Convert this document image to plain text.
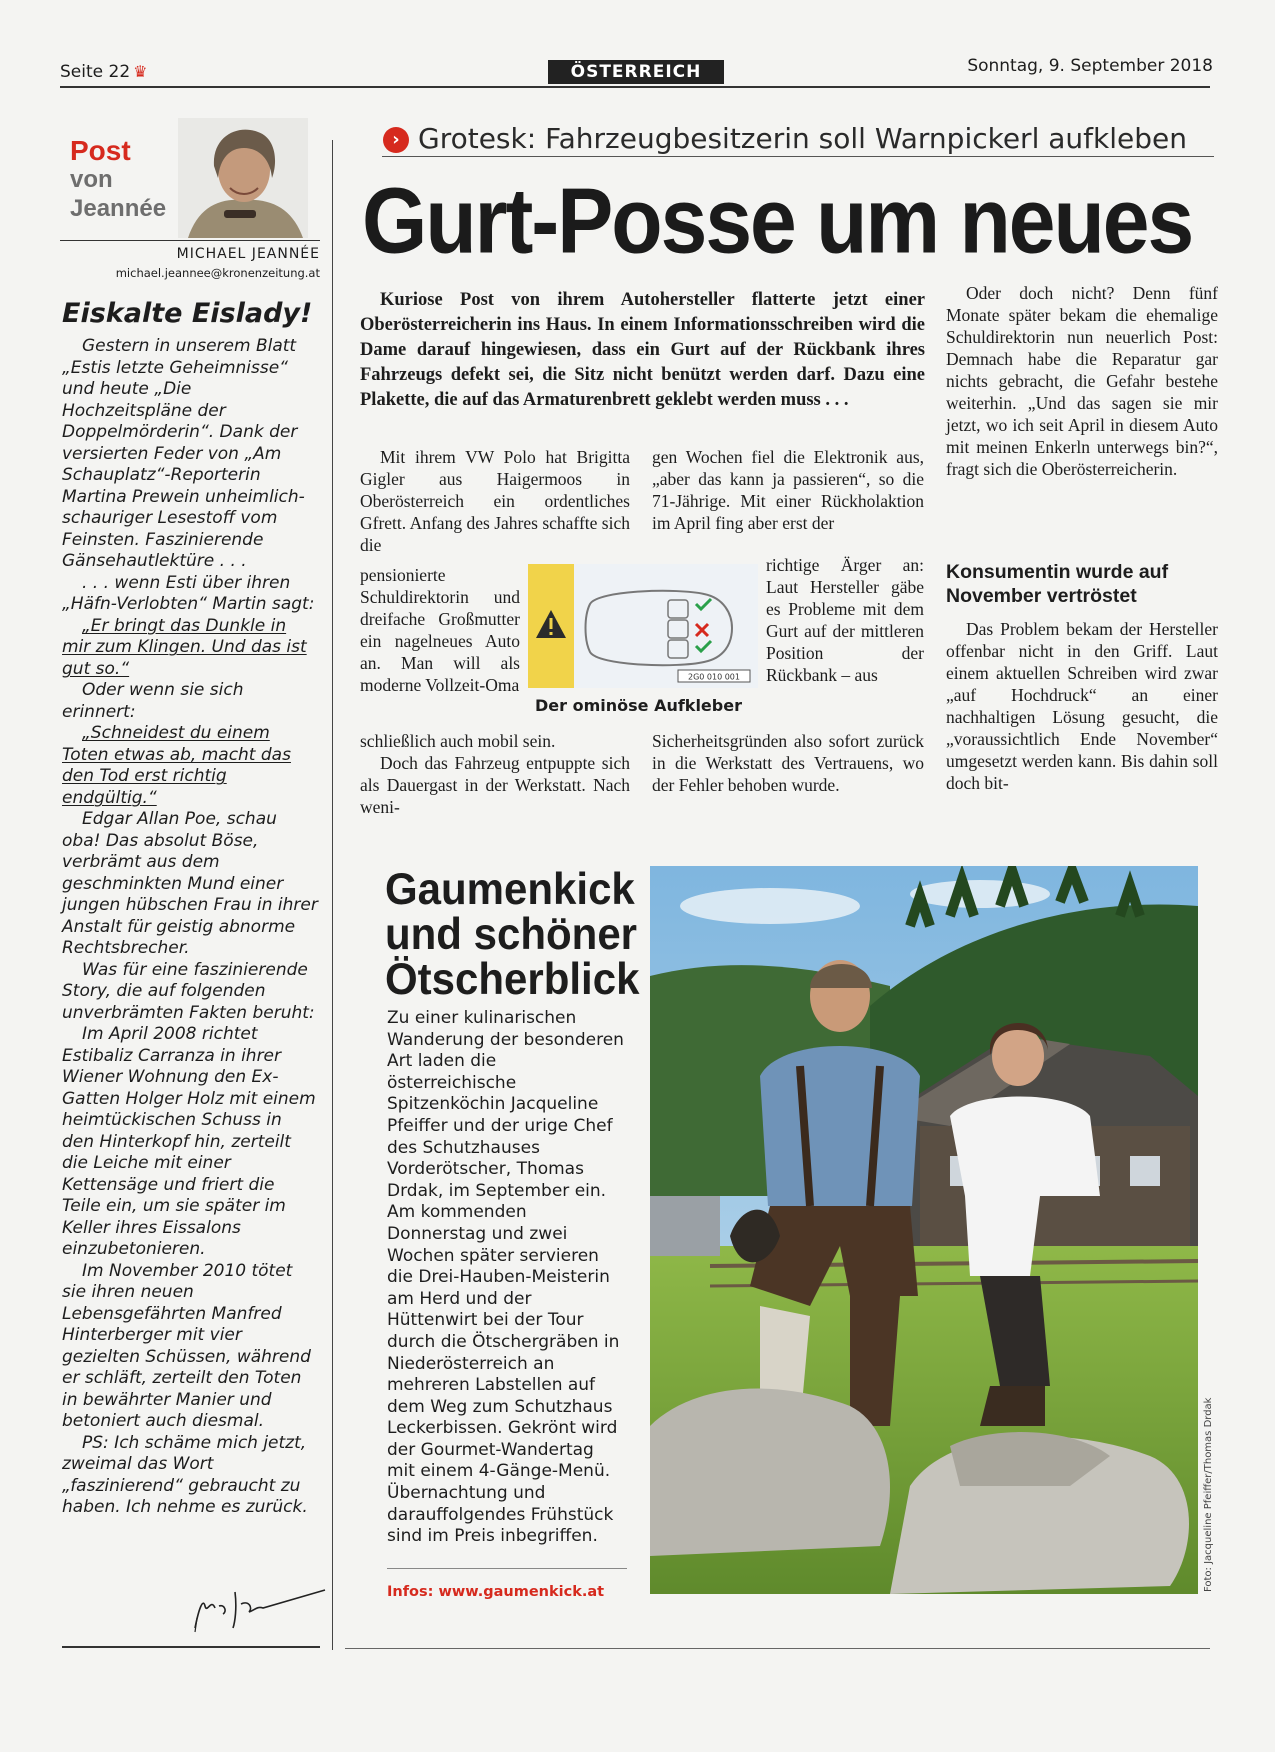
Seite 22 ♛	ÖSTERREICH	Sonntag, 9. September 2018
Post
von
Jeannée
MICHAEL JEANNÉE
michael.jeannee@kronenzeitung.at
Eiskalte Eislady!

Gestern in unserem Blatt „Estis letzte Geheimnisse“ und heute „Die Hochzeitspläne der Doppelmörderin“. Dank der versierten Feder von „Am Schauplatz“-Reporterin Martina Prewein unheimlich-schauriger Lesestoff vom Feinsten. Faszinierende Gänsehautlektüre . . .

. . . wenn Esti über ihren „Häfn-Verlobten“ Martin sagt:

„Er bringt das Dunkle in mir zum Klingen. Und das ist gut so.“

Oder wenn sie sich erinnert:

„Schneidest du einem Toten etwas ab, macht das den Tod erst richtig endgültig.“

Edgar Allan Poe, schau oba! Das absolut Böse, verbrämt aus dem geschminkten Mund einer jungen hübschen Frau in ihrer Anstalt für geistig abnorme Rechtsbrecher.

Was für eine faszinierende Story, die auf folgenden unverbrämten Fakten beruht:

Im April 2008 richtet Estibaliz Carranza in ihrer Wiener Wohnung den Ex-Gatten Holger Holz mit einem heimtückischen Schuss in den Hinterkopf hin, zerteilt die Leiche mit einer Kettensäge und friert die Teile ein, um sie später im Keller ihres Eissalons einzubetonieren.

Im November 2010 tötet sie ihren neuen Lebensgefährten Manfred Hinterberger mit vier gezielten Schüssen, während er schläft, zerteilt den Toten in bewährter Manier und betoniert auch diesmal.

PS: Ich schäme mich jetzt, zweimal das Wort „faszinierend“ gebraucht zu haben. Ich nehme es zurück.

› Grotesk: Fahrzeugbesitzerin soll Warnpickerl aufkleben
Gurt-Posse um neues
Kuriose Post von ihrem Autohersteller flatterte jetzt einer Oberösterreicherin ins Haus. In einem Informationsschreiben wird die Dame darauf hingewiesen, dass ein Gurt auf der Rückbank ihres Fahrzeugs defekt sei, die Sitz nicht benützt werden darf. Dazu eine Plakette, die auf das Armaturenbrett geklebt werden muss . . .

Mit ihrem VW Polo hat Brigitta Gigler aus Haigermoos in Oberösterreich ein ordentliches Gfrett. Anfang des Jahres schaffte sich die

pensionierte Schuldirektorin und dreifache Großmutter ein nagelneues Auto an. Man will als moderne Vollzeit-Oma

schließlich auch mobil sein.

Doch das Fahrzeug entpuppte sich als Dauergast in der Werkstatt. Nach weni-

gen Wochen fiel die Elektronik aus, „aber das kann ja passieren“, so die 71-Jährige. Mit einer Rückholaktion im April fing aber erst der

richtige Ärger an: Laut Hersteller gäbe es Probleme mit dem Gurt auf der mittleren Position der Rückbank – aus

Sicherheitsgründen also sofort zurück in die Werkstatt des Vertrauens, wo der Fehler behoben wurde.

2G0 010 001
Der ominöse Aufkleber

Oder doch nicht? Denn fünf Monate später bekam die ehemalige Schuldirektorin nun neuerlich Post: Demnach habe die Reparatur gar nichts gebracht, die Gefahr bestehe weiterhin. „Und das sagen sie mir jetzt, wo ich seit April in diesem Auto mit meinen Enkerln unterwegs bin?“, fragt sich die Oberösterreicherin.

Konsumentin wurde auf November vertröstet

Das Problem bekam der Hersteller offenbar nicht in den Griff. Laut einem aktuellen Schreiben wird zwar „auf Hochdruck“ an einer nachhaltigen Lösung gesucht, die „voraussichtlich Ende November“ umgesetzt werden kann. Bis dahin soll doch bit-

Gaumenkick
und schöner
Ötscherblick
Zu einer kulinarischen Wanderung der besonderen Art laden die österreichische Spitzenköchin Jacqueline Pfeiffer und der urige Chef des Schutzhauses Vorderötscher, Thomas Drdak, im September ein. Am kommenden Donnerstag und zwei Wochen später servieren die Drei-Hauben-Meisterin am Herd und der Hüttenwirt bei der Tour durch die Ötschergräben in Niederösterreich an mehreren Labstellen auf dem Weg zum Schutzhaus Leckerbissen. Gekrönt wird der Gourmet-Wandertag mit einem 4-Gänge-Menü. Übernachtung und darauffolgendes Frühstück sind im Preis inbegriffen.
Infos: www.gaumenkick.at	Foto: Jacqueline Pfeiffer/Thomas Drdak
